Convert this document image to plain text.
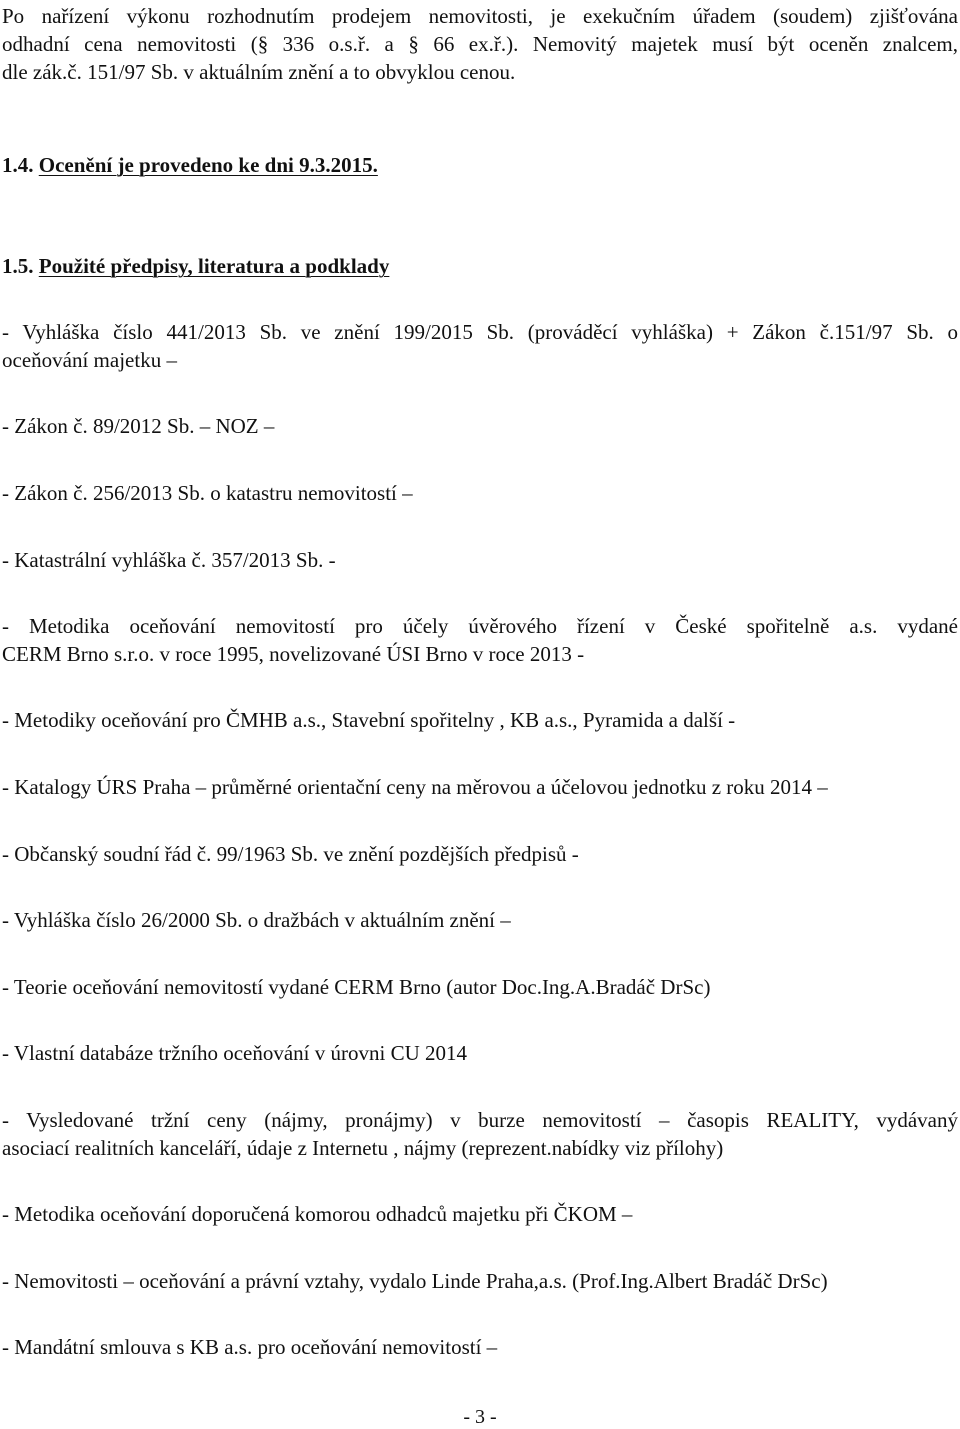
Po nařízení výkonu rozhodnutím prodejem nemovitosti, je exekučním úřadem (soudem) zjišťována
odhadní cena nemovitosti (§ 336 o.s.ř. a § 66 ex.ř.). Nemovitý majetek musí být oceněn znalcem,
dle zák.č. 151/97 Sb. v aktuálním znění a to obvyklou cenou.
1.4. Ocenění je provedeno ke dni 9.3.2015.
1.5. Použité předpisy, literatura a podklady
- Vyhláška číslo 441/2013 Sb. ve znění 199/2015 Sb. (prováděcí vyhláška) + Zákon č.151/97 Sb. o
oceňování majetku –
- Zákon č. 89/2012 Sb. – NOZ –
- Zákon č. 256/2013 Sb. o katastru nemovitostí –
- Katastrální vyhláška č. 357/2013 Sb. -
- Metodika oceňování nemovitostí pro účely úvěrového řízení v České spořitelně a.s. vydané
CERM Brno s.r.o. v roce 1995, novelizované ÚSI Brno v roce 2013 -
- Metodiky oceňování pro ČMHB a.s., Stavební spořitelny , KB a.s., Pyramida a další -
- Katalogy ÚRS Praha – průměrné orientační ceny na měrovou a účelovou jednotku z roku 2014 –
- Občanský soudní řád č. 99/1963 Sb. ve znění pozdějších předpisů -
- Vyhláška číslo 26/2000 Sb. o dražbách v aktuálním znění –
- Teorie oceňování nemovitostí vydané CERM Brno (autor Doc.Ing.A.Bradáč DrSc)
- Vlastní databáze tržního oceňování v úrovni CU 2014
- Vysledované tržní ceny (nájmy, pronájmy) v burze nemovitostí – časopis REALITY, vydávaný
asociací realitních kanceláří, údaje z Internetu , nájmy (reprezent.nabídky viz přílohy)
- Metodika oceňování doporučená komorou odhadců majetku při ČKOM –
- Nemovitosti – oceňování a právní vztahy, vydalo Linde Praha,a.s. (Prof.Ing.Albert Bradáč DrSc)
- Mandátní smlouva s KB a.s. pro oceňování nemovitostí –
- 3 -
